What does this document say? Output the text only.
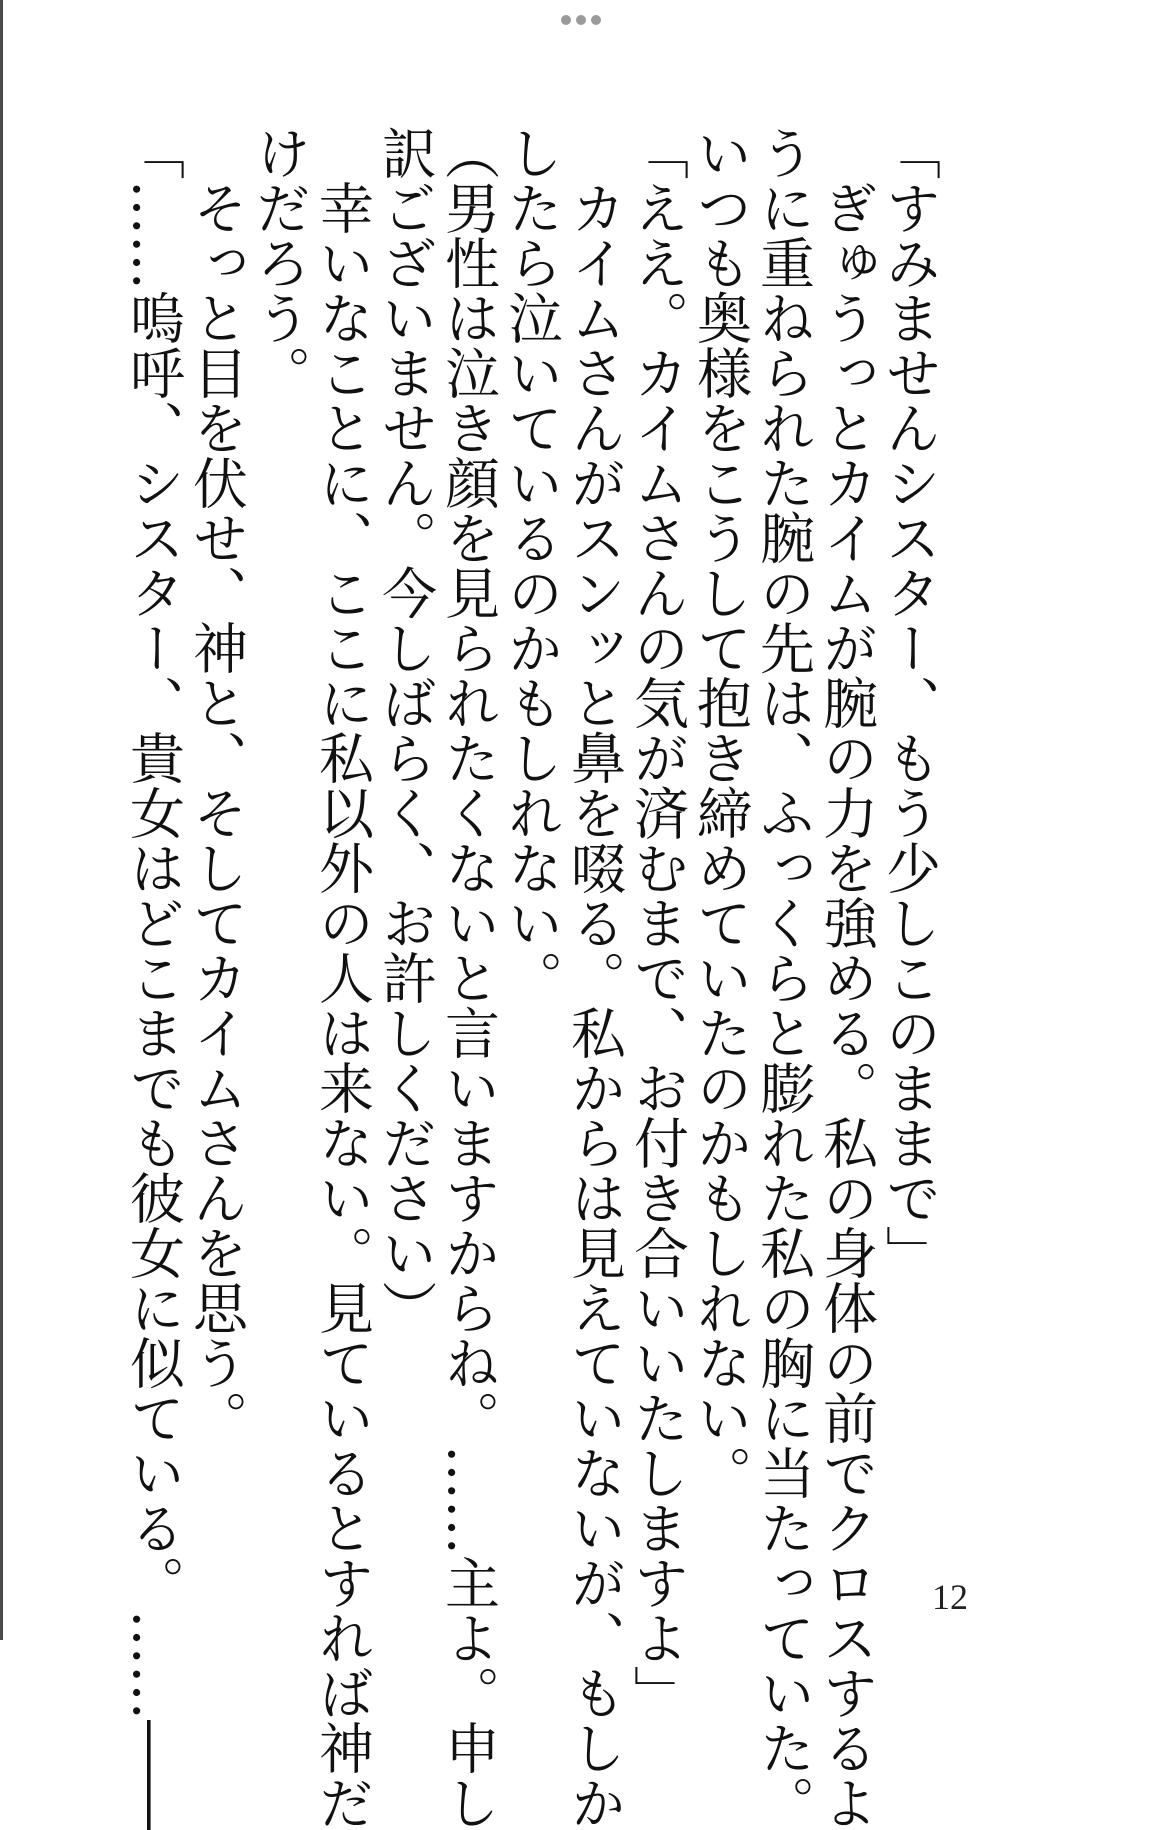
「すみませんシスター、もう少しこのままで」

　ぎゅうっとカイムが腕の力を強める。私の身体の前でクロスするよ

うに重ねられた腕の先は、ふっくらと膨れた私の胸に当たっていた。

いつも奥様をこうして抱き締めていたのかもしれない。

「ええ。カイムさんの気が済むまで、お付き合いいたしますよ」

　カイムさんがスンッと鼻を啜る。私からは見えていないが、もしか

したら泣いているのかもしれない。

（男性は泣き顔を見られたくないと言いますからね。……主よ。申し

訳ございません。今しばらく、お許しください）

　幸いなことに、ここに私以外の人は来ない。見ているとすれば神だ

けだろう。

　そっと目を伏せ、神と、そしてカイムさんを思う。

「……嗚呼、シスター、貴女はどこまでも彼女に似ている。……――	12
